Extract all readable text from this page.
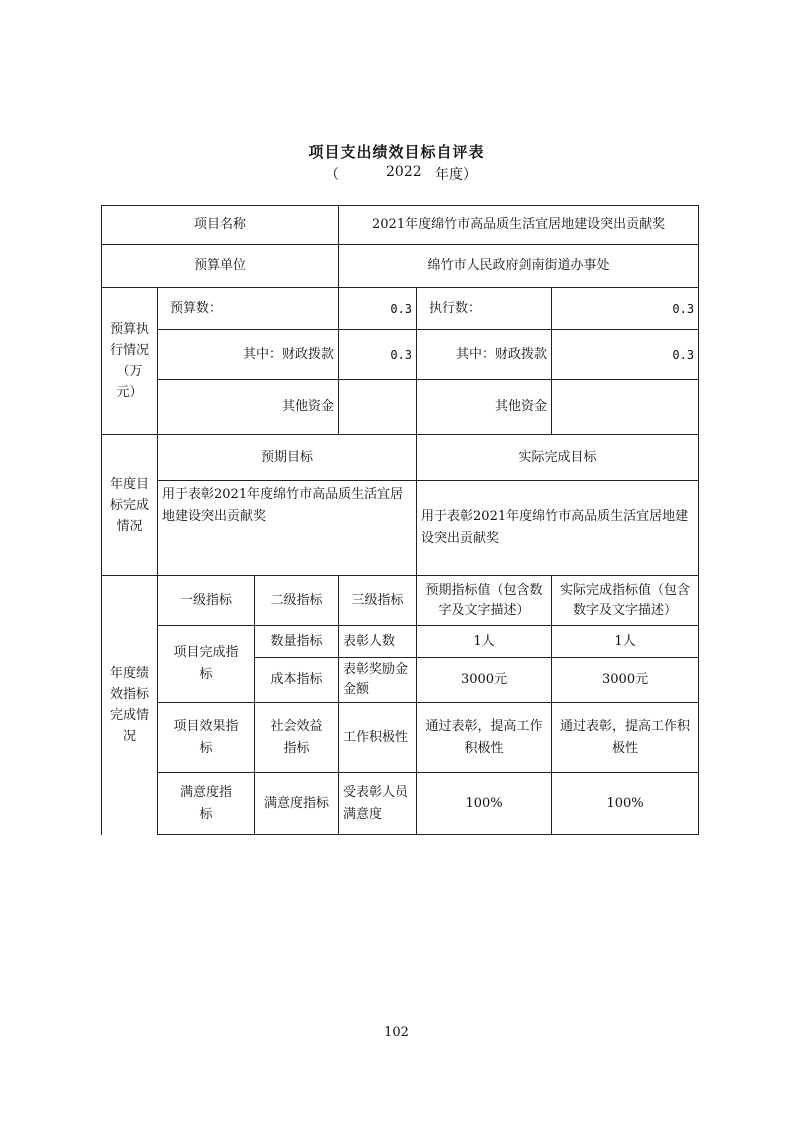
项目支出绩效目标自评表
（	2022 年度）
项目名称			2021年度绵竹市高品质生活宜居地建设突出贡献奖		
预算单位			绵竹市人民政府剑南街道办事处		
预算执行情况（万元）	预算数：		0.3	执行数：	0.3
	其中：财政拨款		0.3	其中：财政拨款	0.3
	其他资金			其他资金	
年度目标完成情况	预期目标			实际完成目标	
	用于表彰2021年度绵竹市高品质生活宜居地建设突出贡献奖			用于表彰2021年度绵竹市高品质生活宜居地建设突出贡献奖	
年度绩效指标完成情况	一级指标	二级指标	三级指标	预期指标值（包含数字及文字描述）	实际完成指标值（包含数字及文字描述）
	项目完成指标	数量指标	表彰人数	1人	1人
		成本指标	表彰奖励金金额	3000元	3000元
	项目效果指标	社会效益指标	工作积极性	通过表彰，提高工作积极性	通过表彰，提高工作积极性
	满意度指标	满意度指标	受表彰人员满意度	100%	100%
102
